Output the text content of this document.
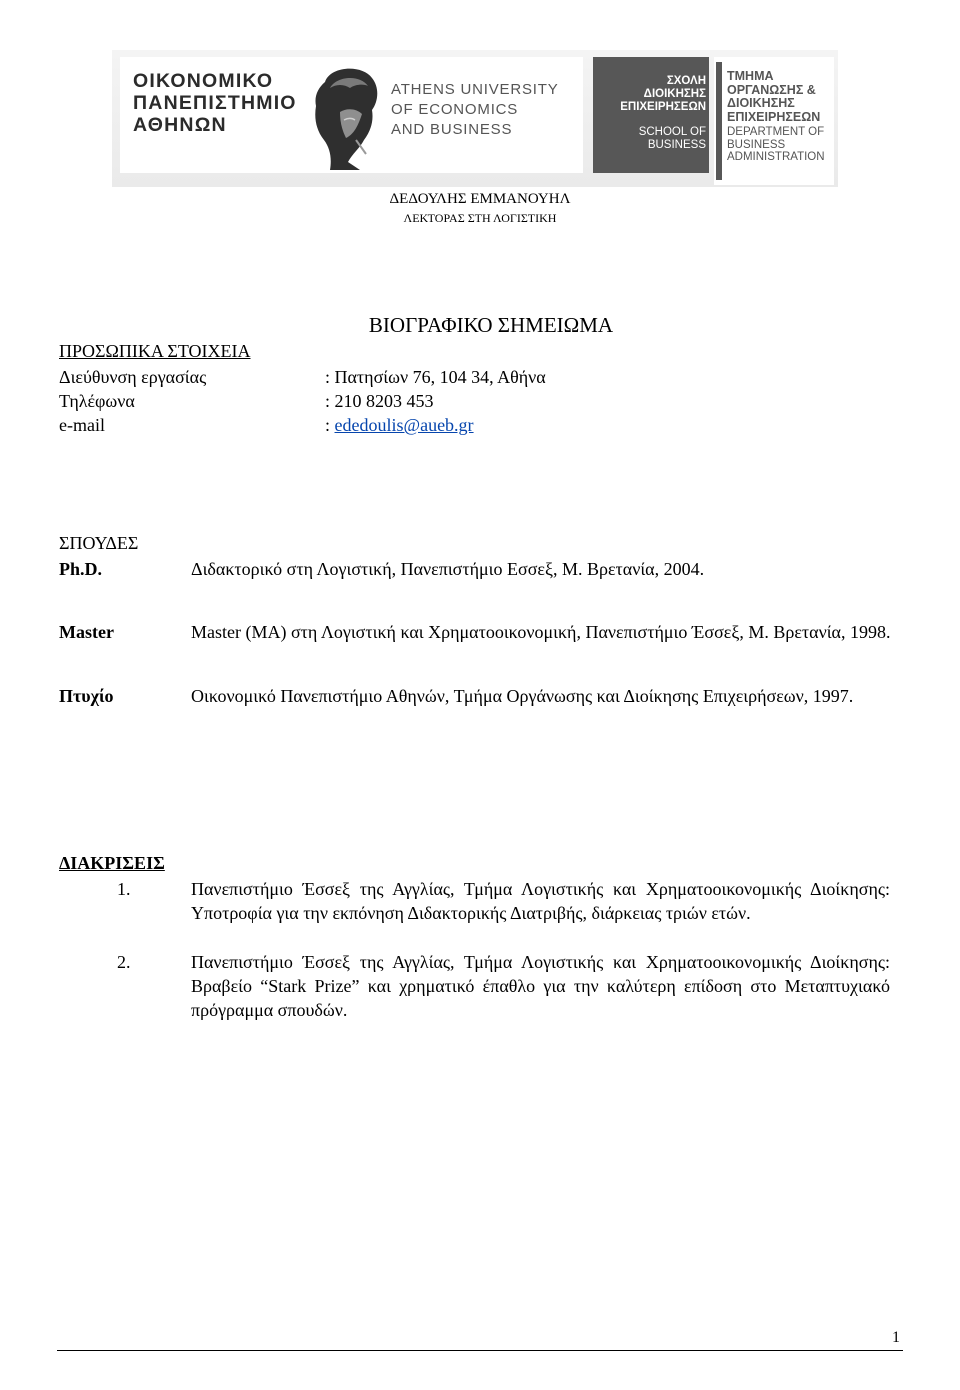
ΟΙΚΟΝΟΜΙΚΟ
ΠΑΝΕΠΙΣΤΗΜΙΟ
ΑΘΗΝΩΝ
ATHENS UNIVERSITY
OF ECONOMICS
AND BUSINESS
ΣΧΟΛΗ
ΔΙΟΙΚΗΣΗΣ
ΕΠΙΧΕΙΡΗΣΕΩΝ
SCHOOL OF
BUSINESS
ΤΜΗΜΑ
ΟΡΓΑΝΩΣΗΣ &
ΔΙΟΙΚΗΣΗΣ
ΕΠΙΧΕΙΡΗΣΕΩΝ
DEPARTMENT OF
BUSINESS
ADMINISTRATION
ΔΕΔΟΥΛΗΣ ΕΜΜΑΝΟΥΗΛ
ΛΕΚΤΟΡΑΣ ΣΤΗ ΛΟΓΙΣΤΙΚΗ
ΒΙΟΓΡΑΦΙΚΟ ΣΗΜΕΙΩΜΑ
ΠΡΟΣΩΠΙΚΑ ΣΤΟΙΧΕΙΑ
Διεύθυνση εργασίας	: Πατησίων 76, 104 34, Αθήνα
Τηλέφωνα	: 210 8203 453
e-mail	: ededoulis@aueb.gr
ΣΠΟΥΔΕΣ
Ph.D.	Διδακτορικό στη Λογιστική, Πανεπιστήμιο Εσσεξ, Μ. Βρετανία, 2004.
Master	Master (MA) στη Λογιστική και Χρηματοοικονομική, Πανεπιστήμιο Έσσεξ, Μ. Βρετανία, 1998.
Πτυχίο	Οικονομικό Πανεπιστήμιο Αθηνών, Τμήμα Οργάνωσης και Διοίκησης Επιχειρήσεων, 1997.
ΔΙΑΚΡΙΣΕΙΣ
1.	Πανεπιστήμιο Έσσεξ της Αγγλίας, Τμήμα Λογιστικής και Χρηματοοικονομικής Διοίκησης: Υποτροφία για την εκπόνηση Διδακτορικής Διατριβής, διάρκειας τριών ετών.
2.	Πανεπιστήμιο Έσσεξ της Αγγλίας, Τμήμα Λογιστικής και Χρηματοοικονομικής Διοίκησης: Βραβείο “Stark Prize” και χρηματικό έπαθλο για την καλύτερη επίδοση στο Μεταπτυχιακό πρόγραμμα σπουδών.
1
